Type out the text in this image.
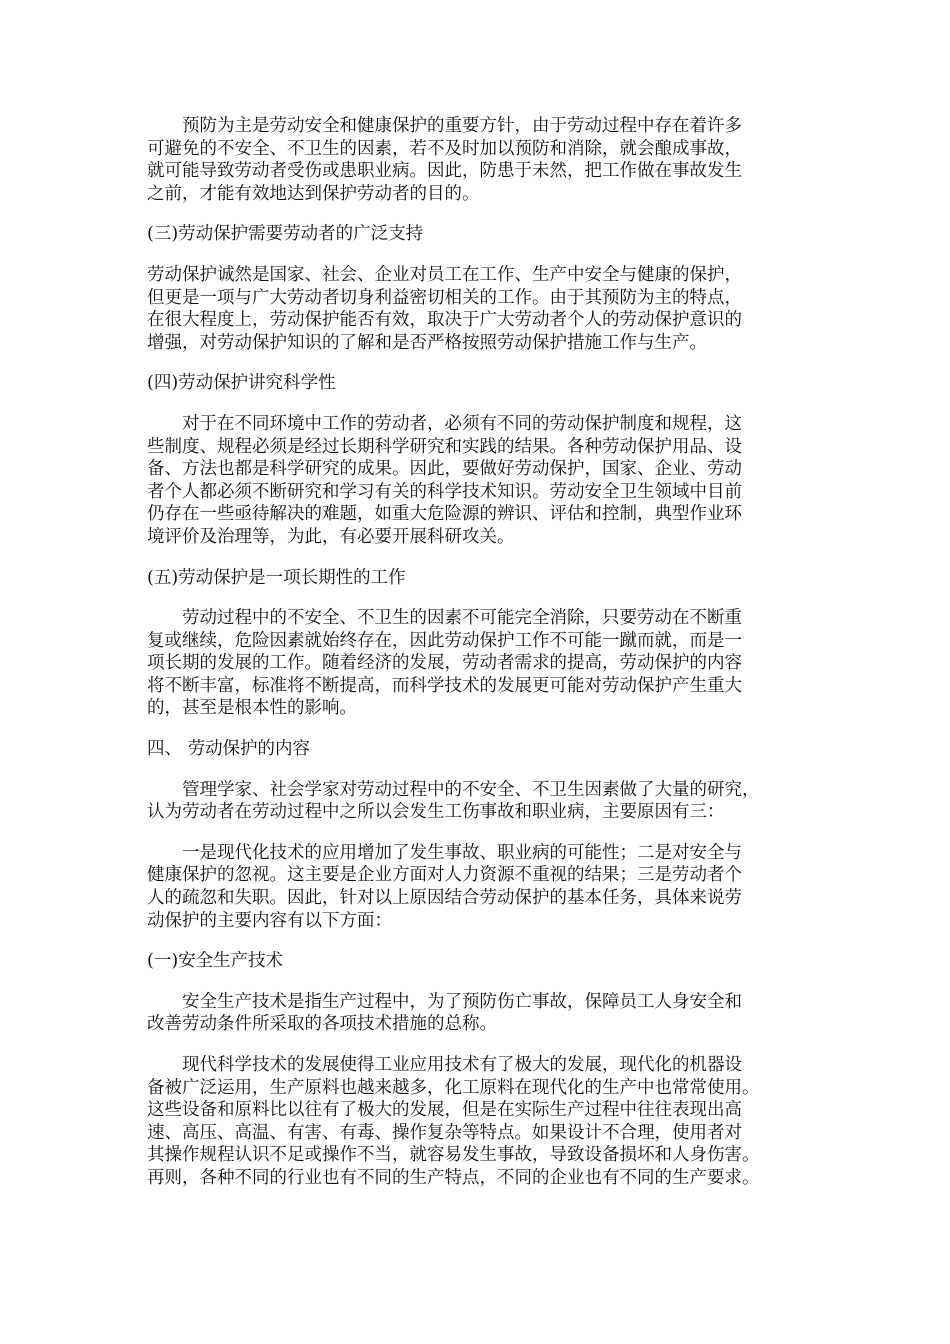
　　预防为主是劳动安全和健康保护的重要方针，由于劳动过程中存在着许多
可避免的不安全、不卫生的因素，若不及时加以预防和消除，就会酿成事故，
就可能导致劳动者受伤或患职业病。因此，防患于未然，把工作做在事故发生
之前，才能有效地达到保护劳动者的目的。
(三)劳动保护需要劳动者的广泛支持
劳动保护诚然是国家、社会、企业对员工在工作、生产中安全与健康的保护，
但更是一项与广大劳动者切身利益密切相关的工作。由于其预防为主的特点，
在很大程度上，劳动保护能否有效，取决于广大劳动者个人的劳动保护意识的
增强，对劳动保护知识的了解和是否严格按照劳动保护措施工作与生产。
(四)劳动保护讲究科学性
　　对于在不同环境中工作的劳动者，必须有不同的劳动保护制度和规程，这
些制度、规程必须是经过长期科学研究和实践的结果。各种劳动保护用品、设
备、方法也都是科学研究的成果。因此，要做好劳动保护，国家、企业、劳动
者个人都必须不断研究和学习有关的科学技术知识。劳动安全卫生领域中目前
仍存在一些亟待解决的难题，如重大危险源的辨识、评估和控制，典型作业环
境评价及治理等，为此，有必要开展科研攻关。
(五)劳动保护是一项长期性的工作
　　劳动过程中的不安全、不卫生的因素不可能完全消除，只要劳动在不断重
复或继续，危险因素就始终存在，因此劳动保护工作不可能一蹴而就，而是一
项长期的发展的工作。随着经济的发展，劳动者需求的提高，劳动保护的内容
将不断丰富，标准将不断提高，而科学技术的发展更可能对劳动保护产生重大
的，甚至是根本性的影响。
四、 劳动保护的内容
　　管理学家、社会学家对劳动过程中的不安全、不卫生因素做了大量的研究，
认为劳动者在劳动过程中之所以会发生工伤事故和职业病，主要原因有三：
　　一是现代化技术的应用增加了发生事故、职业病的可能性；二是对安全与
健康保护的忽视。这主要是企业方面对人力资源不重视的结果；三是劳动者个
人的疏忽和失职。因此，针对以上原因结合劳动保护的基本任务，具体来说劳
动保护的主要内容有以下方面：
(一)安全生产技术
　　安全生产技术是指生产过程中，为了预防伤亡事故，保障员工人身安全和
改善劳动条件所采取的各项技术措施的总称。
　　现代科学技术的发展使得工业应用技术有了极大的发展，现代化的机器设
备被广泛运用，生产原料也越来越多，化工原料在现代化的生产中也常常使用。
这些设备和原料比以往有了极大的发展，但是在实际生产过程中往往表现出高
速、高压、高温、有害、有毒、操作复杂等特点。如果设计不合理，使用者对
其操作规程认识不足或操作不当，就容易发生事故，导致设备损坏和人身伤害。
再则，各种不同的行业也有不同的生产特点，不同的企业也有不同的生产要求。
